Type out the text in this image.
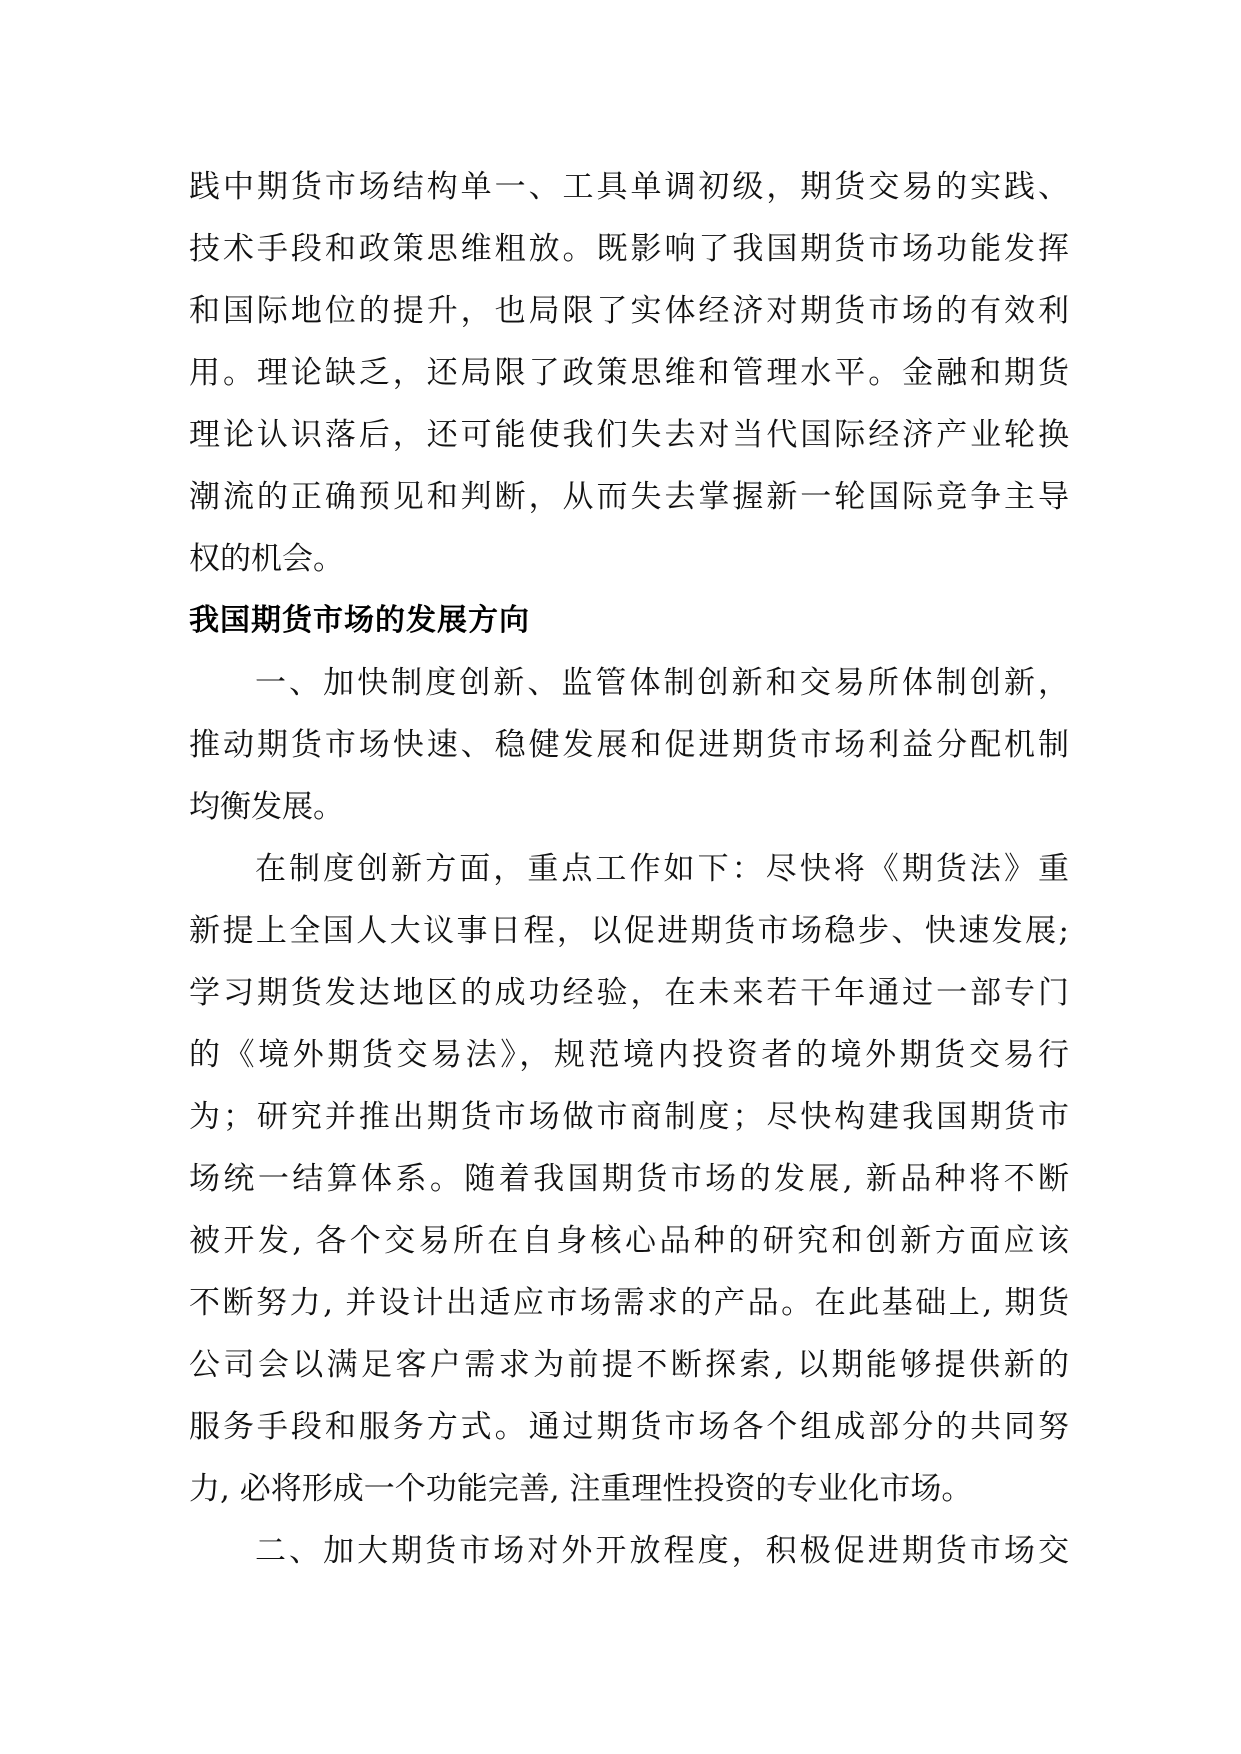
践中期货市场结构单一、工具单调初级，期货交易的实践、
技术手段和政策思维粗放。既影响了我国期货市场功能发挥
和国际地位的提升，也局限了实体经济对期货市场的有效利
用。理论缺乏，还局限了政策思维和管理水平。金融和期货
理论认识落后，还可能使我们失去对当代国际经济产业轮换
潮流的正确预见和判断，从而失去掌握新一轮国际竞争主导
权的机会。
我国期货市场的发展方向
一、加快制度创新、监管体制创新和交易所体制创新，
推动期货市场快速、稳健发展和促进期货市场利益分配机制
均衡发展。
在制度创新方面，重点工作如下：尽快将《期货法》重
新提上全国人大议事日程，以促进期货市场稳步、快速发展;
学习期货发达地区的成功经验，在未来若干年通过一部专门
的《境外期货交易法》，规范境内投资者的境外期货交易行
为；研究并推出期货市场做市商制度；尽快构建我国期货市
场统一结算体系。随着我国期货市场的发展, 新品种将不断
被开发, 各个交易所在自身核心品种的研究和创新方面应该
不断努力, 并设计出适应市场需求的产品。在此基础上, 期货
公司会以满足客户需求为前提不断探索, 以期能够提供新的
服务手段和服务方式。通过期货市场各个组成部分的共同努
力, 必将形成一个功能完善, 注重理性投资的专业化市场。
二、加大期货市场对外开放程度，积极促进期货市场交
